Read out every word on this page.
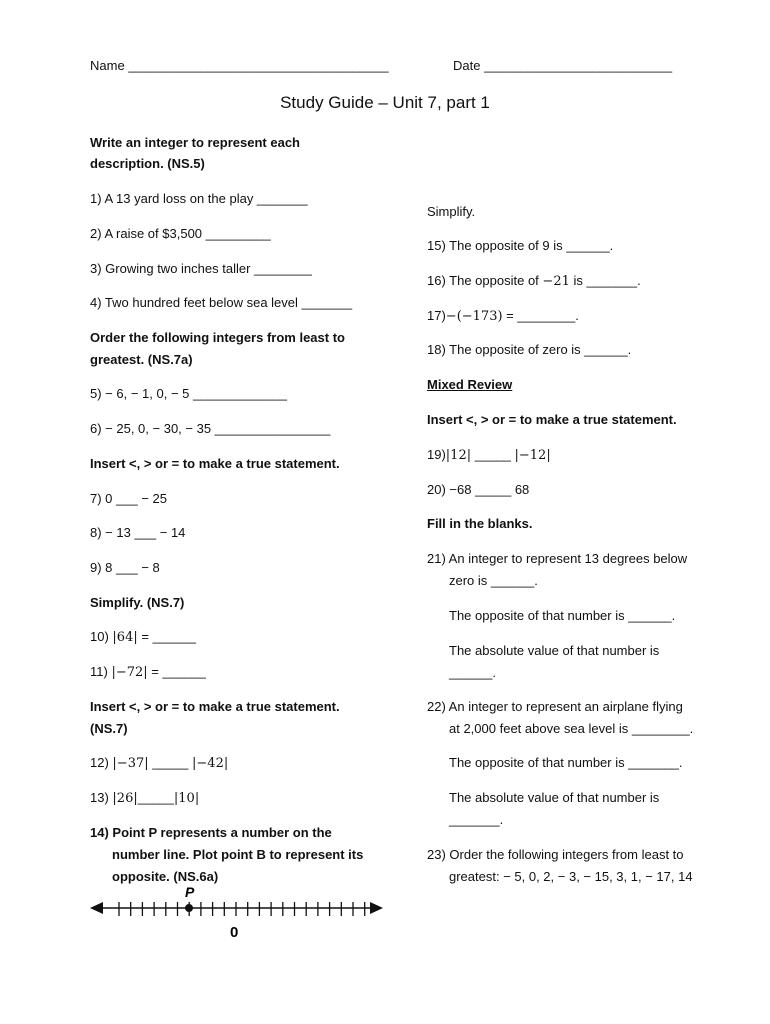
Name ____________________________________	Date __________________________
Study Guide – Unit 7, part 1
Write an integer to represent each
description. (NS.5)
1) A 13 yard loss on the play _______
2) A raise of $3,500 _________
3) Growing two inches taller ________
4) Two hundred feet below sea level _______
Order the following integers from least to
greatest. (NS.7a)
5) − 6, − 1, 0, − 5 _____________
6) − 25, 0, − 30, − 35 ________________
Insert <, > or = to make a true statement.
7) 0 ___ − 25
8) − 13 ___ − 14
9) 8 ___ − 8
Simplify. (NS.7)
10) |64| = ______
11) |−72| = ______
Insert <, > or = to make a true statement.
(NS.7)
12) |−37| _____ |−42|
13) |26|_____|10|
14) Point P represents a number on the
number line. Plot point B to represent its
opposite. (NS.6a)
P
0
Simplify.
15) The opposite of 9 is ______.
16) The opposite of −21 is _______.
17)−(−173) = ________.
18) The opposite of zero is ______.
Mixed Review
Insert <, > or = to make a true statement.
19)|12| _____ |−12|
20) −68 _____ 68
Fill in the blanks.
21) An integer to represent 13 degrees below
zero is ______.
The opposite of that number is ______.
The absolute value of that number is
______.
22) An integer to represent an airplane flying
at 2,000 feet above sea level is ________.
The opposite of that number is _______.
The absolute value of that number is
_______.
23) Order the following integers from least to
greatest: − 5, 0, 2, − 3, − 15, 3, 1, − 17, 14
